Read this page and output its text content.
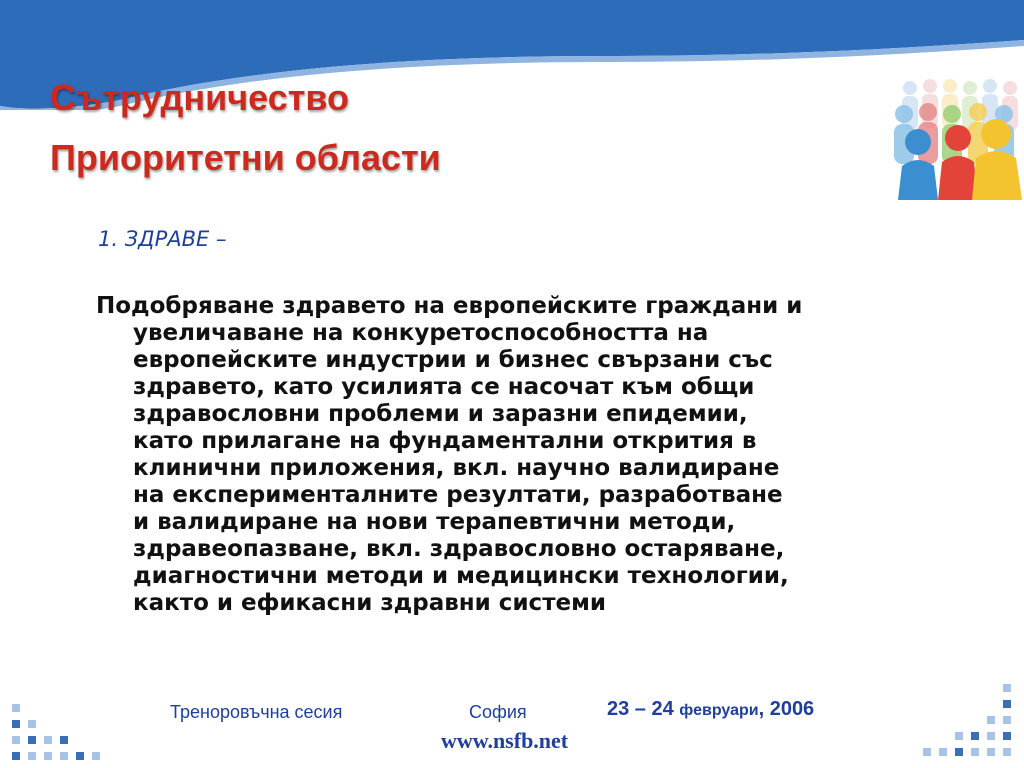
Сътрудничество
Приоритетни области
1. ЗДРАВЕ –
Подобряване здравето на европейските граждани и
увеличаване на конкуретоспособността на
европейските индустрии и бизнес свързани със
здравето, като усилията се насочат към общи
здравословни проблеми и заразни епидемии,
като прилагане на фундаментални открития в
клинични приложения, вкл. научно валидиране
на експерименталните резултати, разработване
и валидиране на нови терапевтични методи,
здравеопазване, вкл. здравословно остаряване,
диагностични методи и медицински технологии,
както и ефикасни здравни системи
Треноровъчна сесия	София	23 – 24 февруари, 2006
www.nsfb.net
